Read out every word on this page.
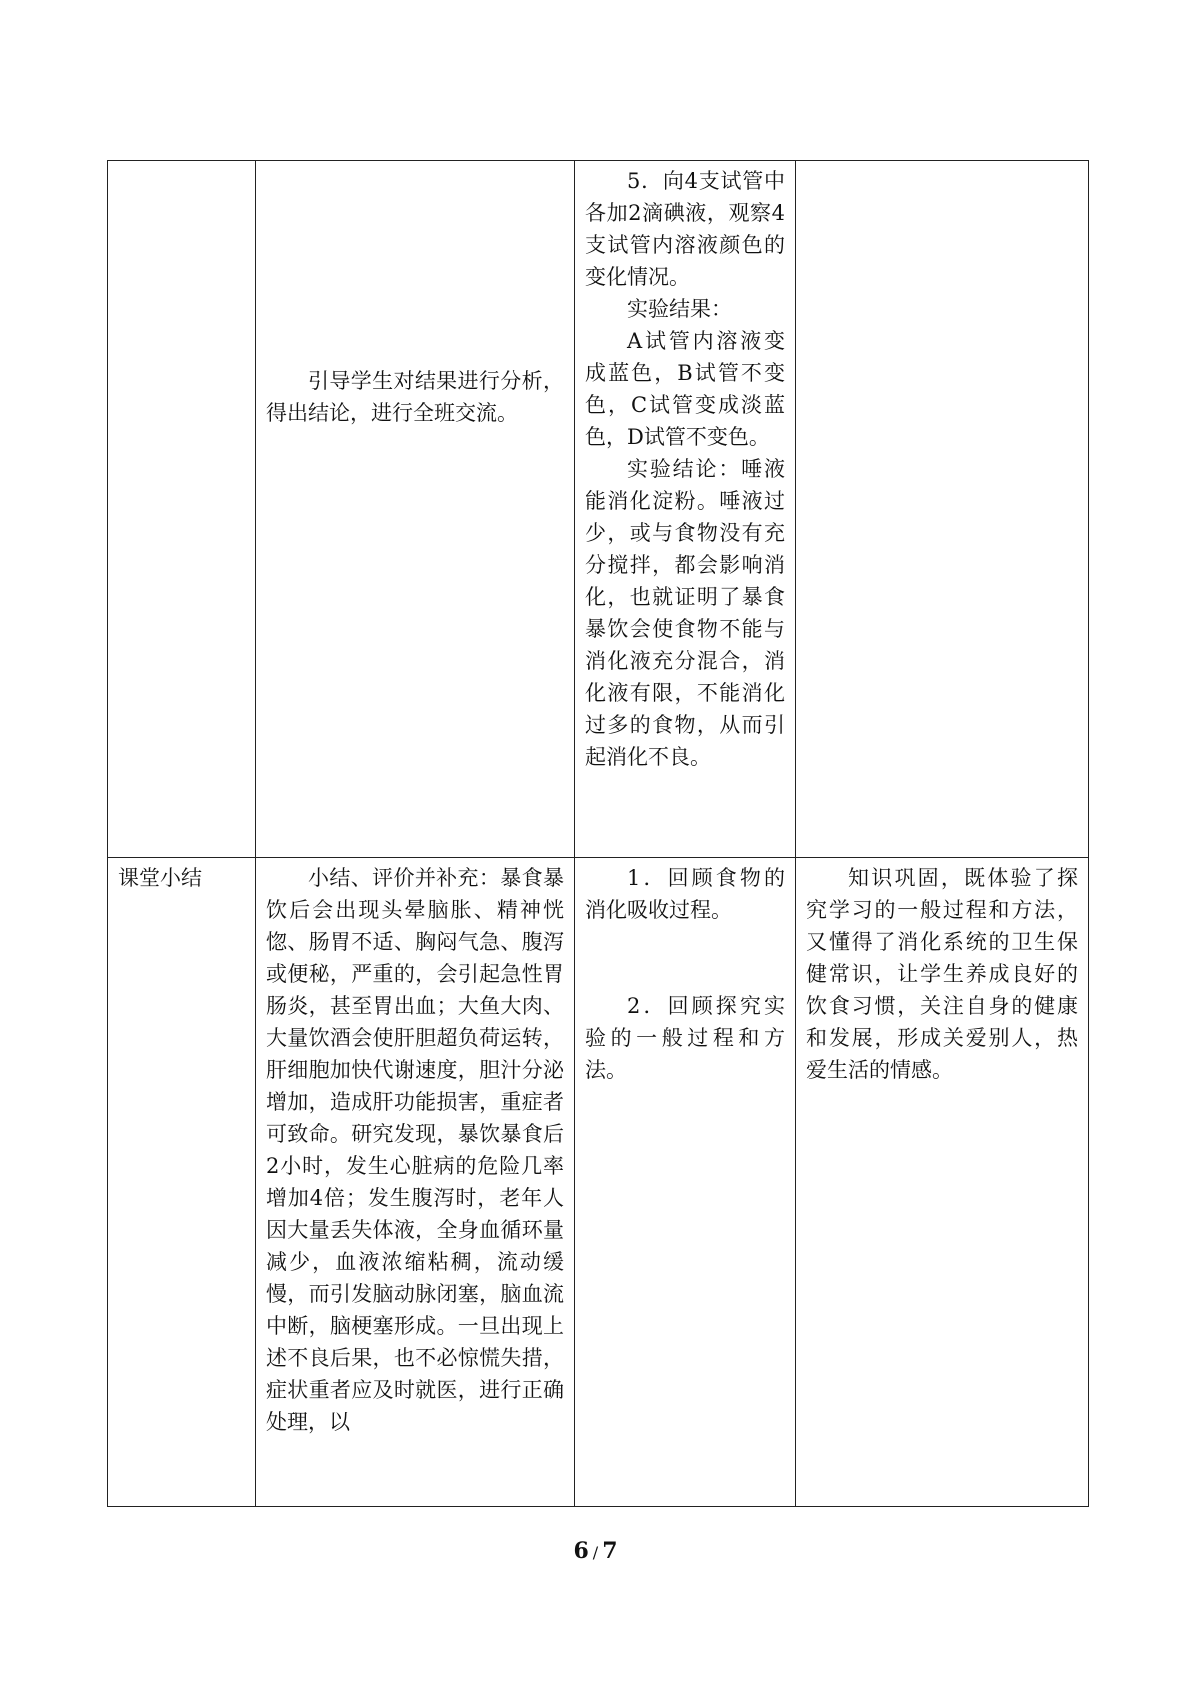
	引导学生对结果进行分析，得出结论，进行全班交流。	5．向4支试管中各加2滴碘液，观察4支试管内溶液颜色的变化情况。

实验结果：

A试管内溶液变成蓝色，B试管不变色，C试管变成淡蓝色，D试管不变色。

实验结论：唾液能消化淀粉。唾液过少，或与食物没有充分搅拌，都会影响消化，也就证明了暴食暴饮会使食物不能与消化液充分混合，消化液有限，不能消化过多的食物，从而引起消化不良。	

课堂小结	小结、评价并补充：暴食暴饮后会出现头晕脑胀、精神恍惚、肠胃不适、胸闷气急、腹泻或便秘，严重的，会引起急性胃肠炎，甚至胃出血；大鱼大肉、大量饮酒会使肝胆超负荷运转，肝细胞加快代谢速度，胆汁分泌增加，造成肝功能损害，重症者可致命。研究发现，暴饮暴食后2小时，发生心脏病的危险几率增加4倍；发生腹泻时，老年人因大量丢失体液，全身血循环量减少，血液浓缩粘稠，流动缓慢，而引发脑动脉闭塞，脑血流中断，脑梗塞形成。一旦出现上述不良后果，也不必惊慌失措，症状重者应及时就医，进行正确处理，以	1．回顾食物的消化吸收过程。

2．回顾探究实验的一般过程和方法。	知识巩固，既体验了探究学习的一般过程和方法，又懂得了消化系统的卫生保健常识，让学生养成良好的饮食习惯，关注自身的健康和发展，形成关爱别人，热爱生活的情感。

6 / 7
